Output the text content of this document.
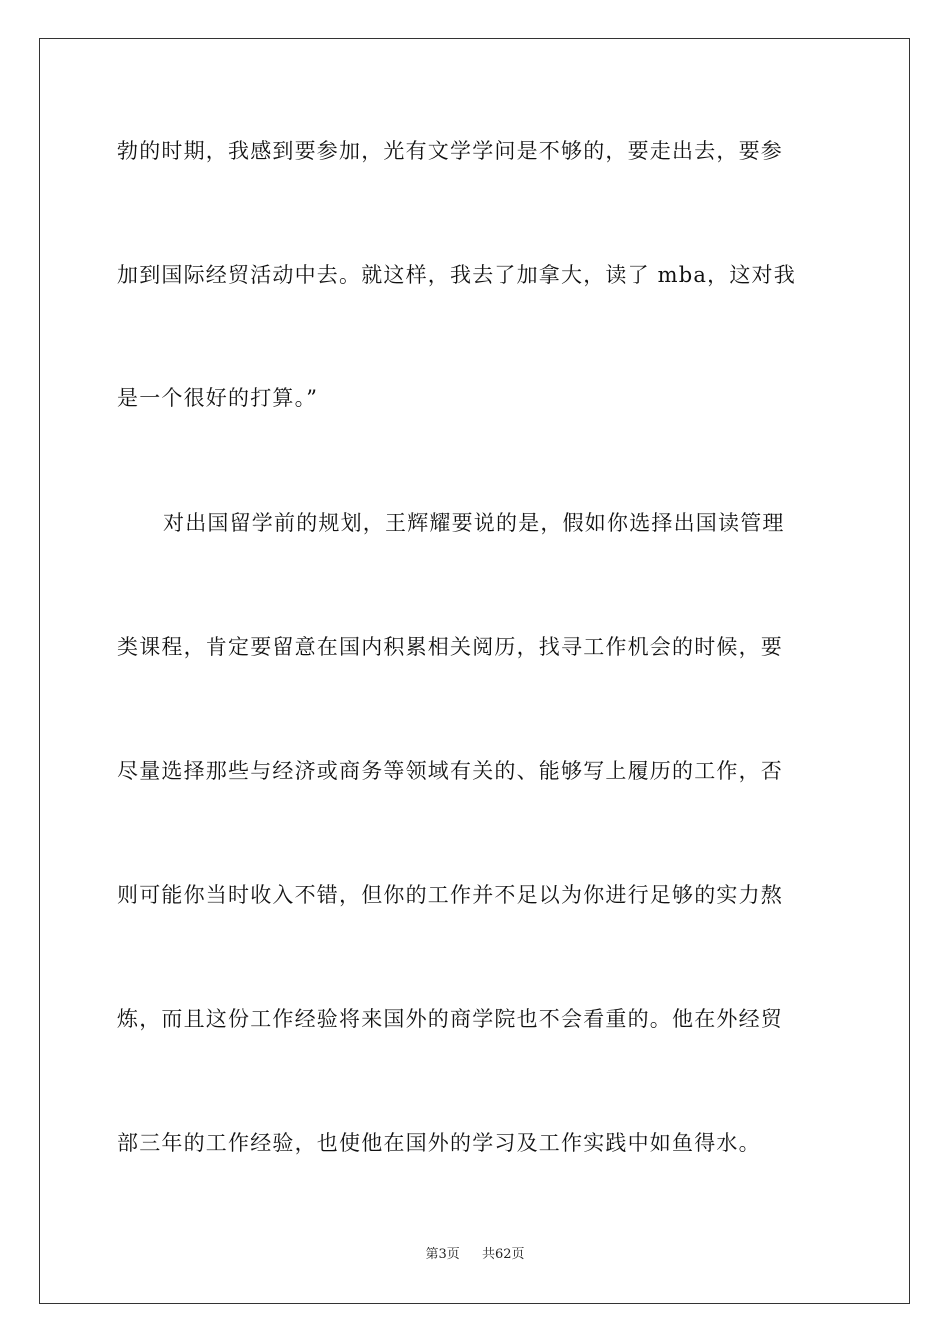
勃的时期，我感到要参加，光有文学学问是不够的，要走出去，要参
加到国际经贸活动中去。就这样，我去了加拿大，读了 mba，这对我
是一个很好的打算。”
对出国留学前的规划，王辉耀要说的是，假如你选择出国读管理
类课程，肯定要留意在国内积累相关阅历，找寻工作机会的时候，要
尽量选择那些与经济或商务等领域有关的、能够写上履历的工作，否
则可能你当时收入不错，但你的工作并不足以为你进行足够的实力熬
炼，而且这份工作经验将来国外的商学院也不会看重的。他在外经贸
部三年的工作经验，也使他在国外的学习及工作实践中如鱼得水。
第3页 共62页
